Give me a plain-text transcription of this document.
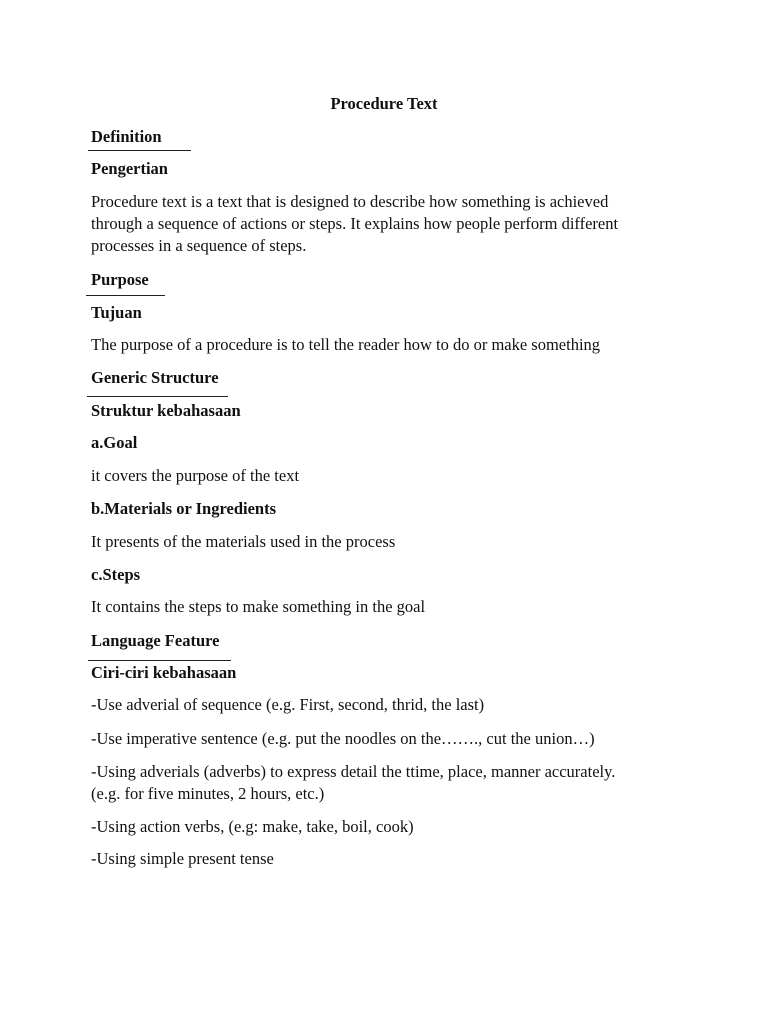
Procedure Text
Definition
Pengertian
Procedure text is a text that is designed to describe how something is achieved
through a sequence of actions or steps. It explains how people perform different
processes in a sequence of steps.
Purpose
Tujuan
The purpose of a procedure is to tell the reader how to do or make something
Generic Structure
Struktur kebahasaan
a.Goal
it covers the purpose of the text
b.Materials or Ingredients
It presents of the materials used in the process
c.Steps
It contains the steps to make something in the goal
Language Feature
Ciri-ciri kebahasaan
-Use adverial of sequence (e.g. First, second, thrid, the last)
-Use imperative sentence (e.g. put the noodles on the……., cut the union…)
-Using adverials (adverbs) to express detail the ttime, place, manner accurately.
(e.g. for five minutes, 2 hours, etc.)
-Using action verbs, (e.g: make, take, boil, cook)
-Using simple present tense
